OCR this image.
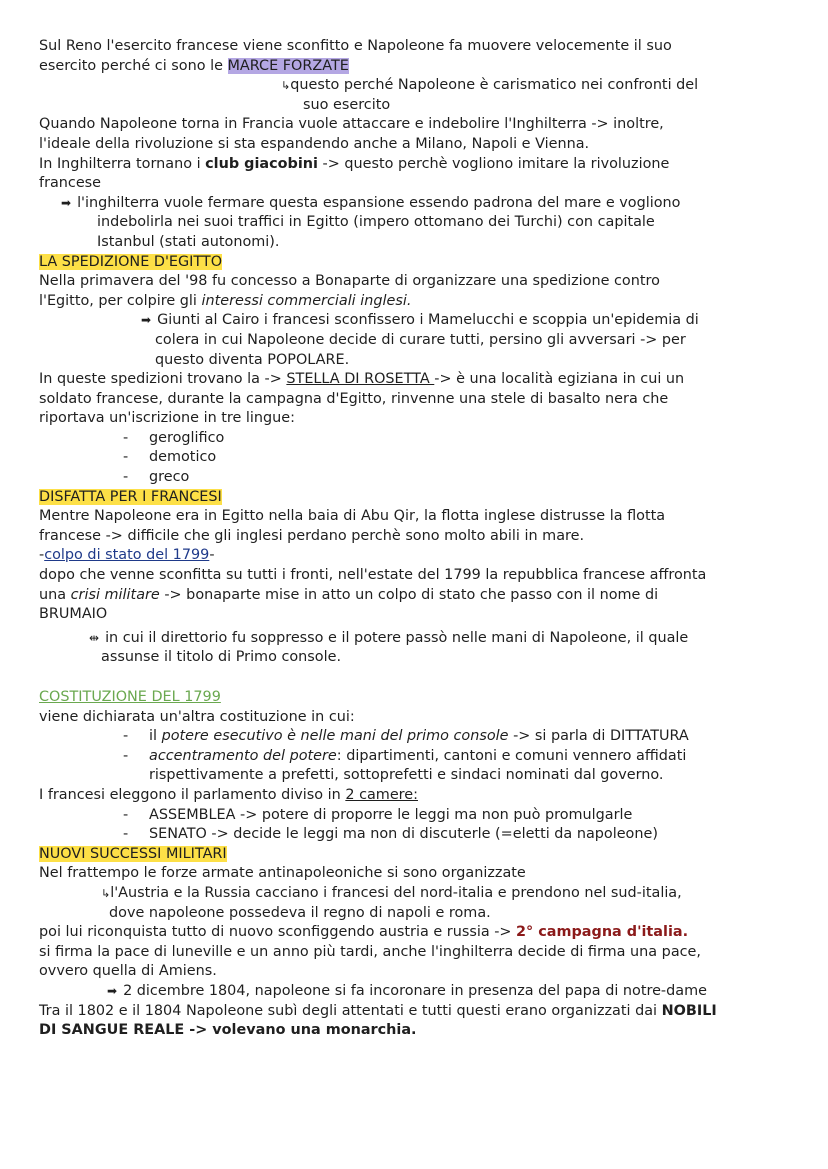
Sul Reno l'esercito francese viene sconfitto e Napoleone fa muovere velocemente il suo
esercito perché ci sono le MARCE FORZATE
↳questo perché Napoleone è carismatico nei confronti del
suo esercito
Quando Napoleone torna in Francia vuole attaccare e indebolire l'Inghilterra -> inoltre,
l'ideale della rivoluzione si sta espandendo anche a Milano, Napoli e Vienna.
In Inghilterra tornano i club giacobini -> questo perchè vogliono imitare la rivoluzione
francese
➡ l'inghilterra vuole fermare questa espansione essendo padrona del mare e vogliono
indebolirla nei suoi traffici in Egitto (impero ottomano dei Turchi) con capitale
Istanbul (stati autonomi).
LA SPEDIZIONE D'EGITTO
Nella primavera del '98 fu concesso a Bonaparte di organizzare una spedizione contro
l'Egitto, per colpire gli interessi commerciali inglesi.
➡ Giunti al Cairo i francesi sconfissero i Mamelucchi e scoppia un'epidemia di
colera in cui Napoleone decide di curare tutti, persino gli avversari -> per
questo diventa POPOLARE.
In queste spedizioni trovano la -> STELLA DI ROSETTA -> è una località egiziana in cui un
soldato francese, durante la campagna d'Egitto, rinvenne una stele di basalto nera che
riportava un'iscrizione in tre lingue:
- geroglifico
- demotico
- greco
DISFATTA PER I FRANCESI
Mentre Napoleone era in Egitto nella baia di Abu Qir, la flotta inglese distrusse la flotta
francese -> difficile che gli inglesi perdano perchè sono molto abili in mare.
-colpo di stato del 1799-
dopo che venne sconfitta su tutti i fronti, nell'estate del 1799 la repubblica francese affronta
una crisi militare -> bonaparte mise in atto un colpo di stato che passo con il nome di
BRUMAIO
⇹ in cui il direttorio fu soppresso e il potere passò nelle mani di Napoleone, il quale
assunse il titolo di Primo console.
COSTITUZIONE DEL 1799
viene dichiarata un'altra costituzione in cui:
- il potere esecutivo è nelle mani del primo console -> si parla di DITTATURA
- accentramento del potere: dipartimenti, cantoni e comuni vennero affidati
rispettivamente a prefetti, sottoprefetti e sindaci nominati dal governo.
I francesi eleggono il parlamento diviso in 2 camere:
- ASSEMBLEA -> potere di proporre le leggi ma non può promulgarle
- SENATO -> decide le leggi ma non di discuterle (=eletti da napoleone)
NUOVI SUCCESSI MILITARI
Nel frattempo le forze armate antinapoleoniche si sono organizzate
↳l'Austria e la Russia cacciano i francesi del nord-italia e prendono nel sud-italia,
dove napoleone possedeva il regno di napoli e roma.
poi lui riconquista tutto di nuovo sconfiggendo austria e russia -> 2° campagna d'italia.
si firma la pace di luneville e un anno più tardi, anche l'inghilterra decide di firma una pace,
ovvero quella di Amiens.
➡ 2 dicembre 1804, napoleone si fa incoronare in presenza del papa di notre-dame
Tra il 1802 e il 1804 Napoleone subì degli attentati e tutti questi erano organizzati dai NOBILI
DI SANGUE REALE -> volevano una monarchia.
